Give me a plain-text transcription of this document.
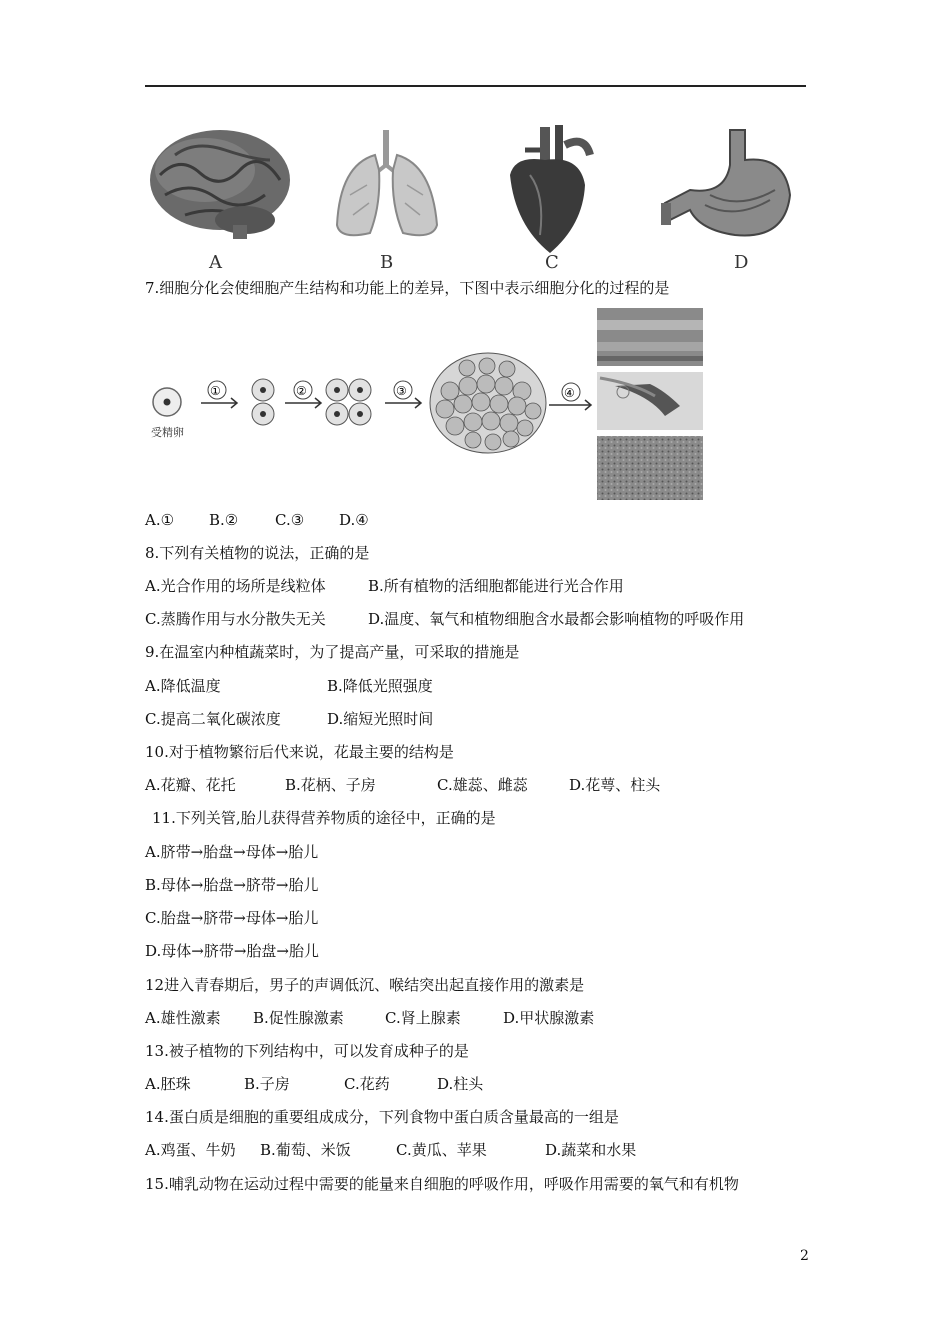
A	B	C	D
7.细胞分化会使细胞产生结构和功能上的差异，下图中表示细胞分化的过程的是
受精卵
①	②	③	④
A.① B.② C.③ D.④
8.下列有关植物的说法，正确的是
A.光合作用的场所是线粒体	B.所有植物的活细胞都能进行光合作用
C.蒸腾作用与水分散失无关	D.温度、氧气和植物细胞含水最都会影响植物的呼吸作用
9.在温室内种植蔬菜时，为了提高产量，可采取的措施是
A.降低温度	B.降低光照强度
C.提高二氧化碳浓度	D.缩短光照时间
10.对于植物繁衍后代来说，花最主要的结构是
A.花瓣、花托	B.花柄、子房	C.雄蕊、雌蕊	D.花萼、柱头
11.下列关管,胎儿获得营养物质的途径中，正确的是
A.脐带→胎盘→母体→胎儿
B.母体→胎盘→脐带→胎儿
C.胎盘→脐带→母体→胎儿
D.母体→脐带→胎盘→胎儿
12进入青春期后，男子的声调低沉、喉结突出起直接作用的激素是
A.雄性激素 B.促性腺激素	C.肾上腺素	D.甲状腺激素
13.被子植物的下列结构中，可以发育成种子的是
A.胚珠	B.子房	C.花药	D.柱头
14.蛋白质是细胞的重要组成成分，下列食物中蛋白质含量最高的一组是
A.鸡蛋、牛奶 B.葡萄、米饭	C.黄瓜、苹果	D.蔬菜和水果
15.哺乳动物在运动过程中需要的能量来自细胞的呼吸作用，呼吸作用需要的氧气和有机物
2
